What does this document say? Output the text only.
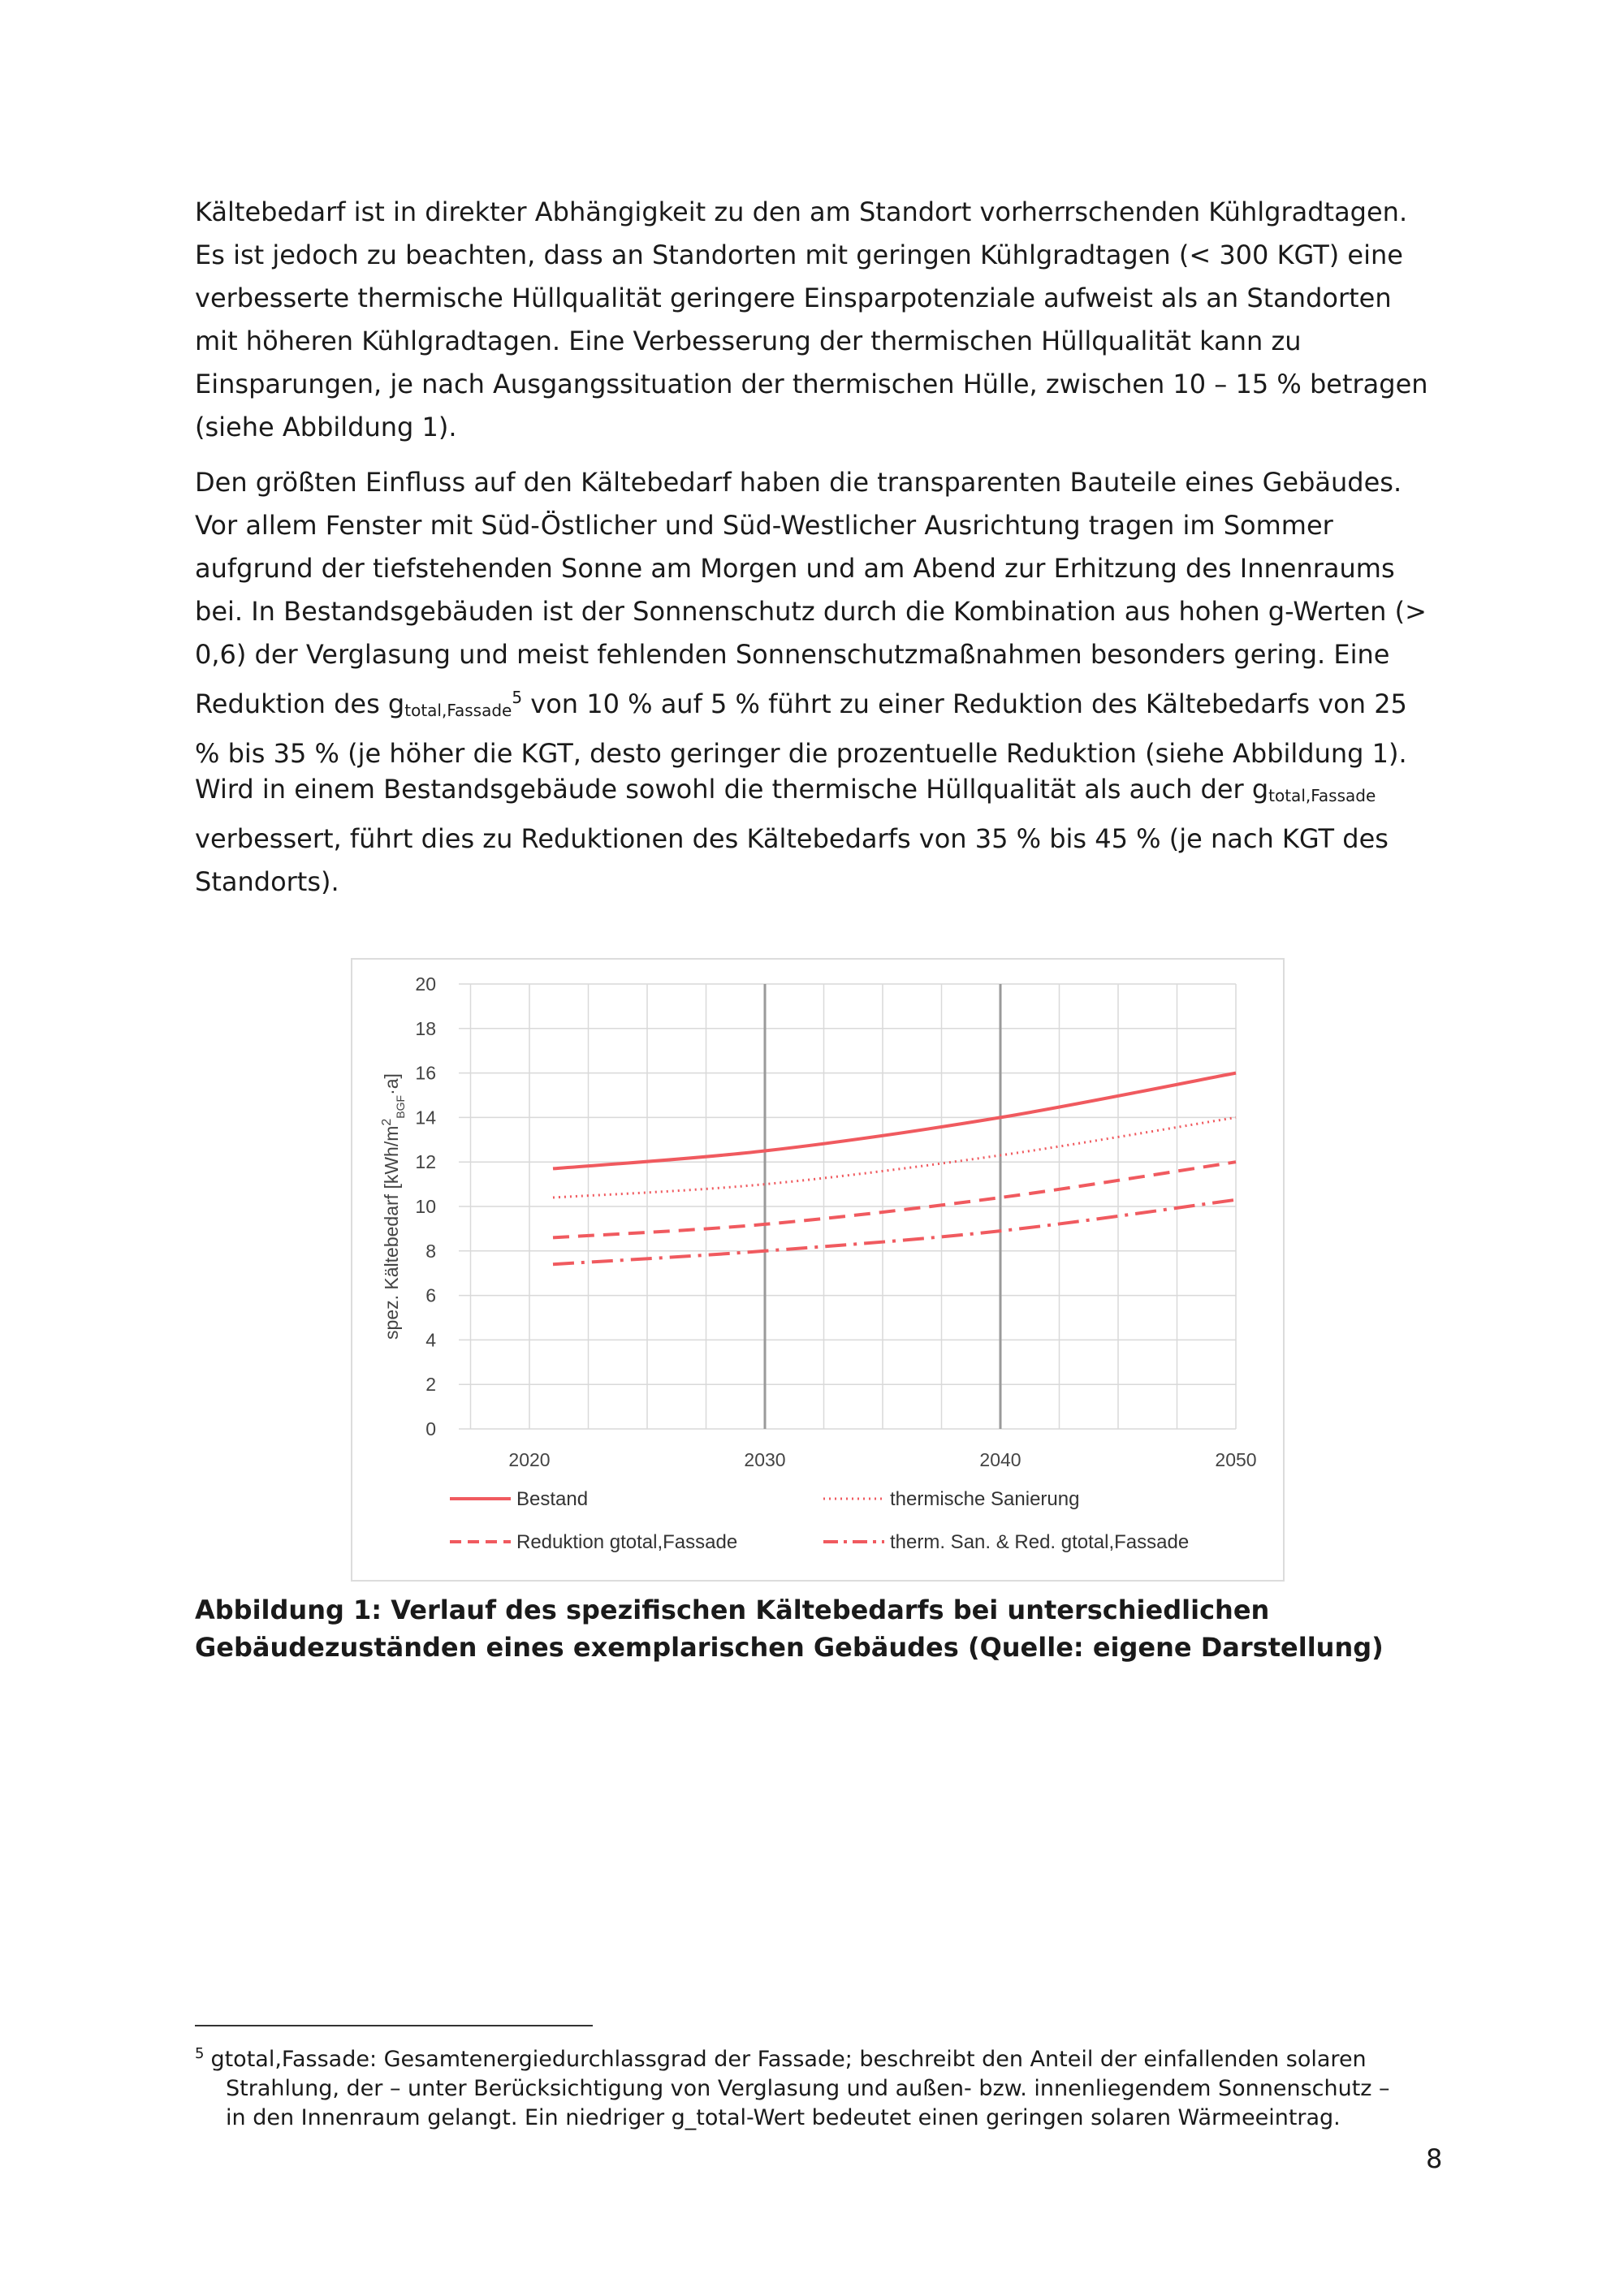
Kältebedarf ist in direkter Abhängigkeit zu den am Standort vorherrschenden Kühlgradtagen. Es ist jedoch zu beachten, dass an Standorten mit geringen Kühlgradtagen (< 300 KGT) eine verbesserte thermische Hüllqualität geringere Einsparpotenziale aufweist als an Standorten mit höheren Kühlgradtagen. Eine Verbesserung der thermischen Hüllqualität kann zu Einsparungen, je nach Ausgangssituation der thermischen Hülle, zwischen 10 – 15 % betragen (siehe Abbildung 1).

Den größten Einfluss auf den Kältebedarf haben die transparenten Bauteile eines Gebäudes. Vor allem Fenster mit Süd-Östlicher und Süd-Westlicher Ausrichtung tragen im Sommer aufgrund der tiefstehenden Sonne am Morgen und am Abend zur Erhitzung des Innenraums bei. In Bestandsgebäuden ist der Sonnenschutz durch die Kombination aus hohen g-Werten (> 0,6) der Verglasung und meist fehlenden Sonnenschutzmaßnahmen besonders gering. Eine Reduktion des $g_{total,Fassade}^5$ von 10 % auf 5 % führt zu einer Reduktion des Kältebedarfs von 25 % bis 35 % (je höher die KGT, desto geringer die prozentuelle Reduktion (siehe Abbildung 1).

Wird in einem Bestandsgebäude sowohl die thermische Hüllqualität als auch der $g_{total,Fassade}$ verbessert, führt dies zu Reduktionen des Kältebedarfs von 35 % bis 45 % (je nach KGT des Standorts).

0
2
4
6
8
10
12
14
16
18
20
2020	2030	2040	2050
spez. Kältebedarf $[kWh/m^2_{BGF}\cdot a]$
Bestand	thermische Sanierung
Reduktion gtotal,Fassade	therm. San. & Red. gtotal,Fassade

Abbildung 1: Verlauf des spezifischen Kältebedarfs bei unterschiedlichen Gebäudezuständen eines exemplarischen Gebäudes (Quelle: eigene Darstellung)

$^5$ gtotal,Fassade: Gesamtenergiedurchlassgrad der Fassade; beschreibt den Anteil der einfallenden solaren
Strahlung, der – unter Berücksichtigung von Verglasung und außen- bzw. innenliegendem Sonnenschutz –
in den Innenraum gelangt. Ein niedriger g_total-Wert bedeutet einen geringen solaren Wärmeeintrag.

8
